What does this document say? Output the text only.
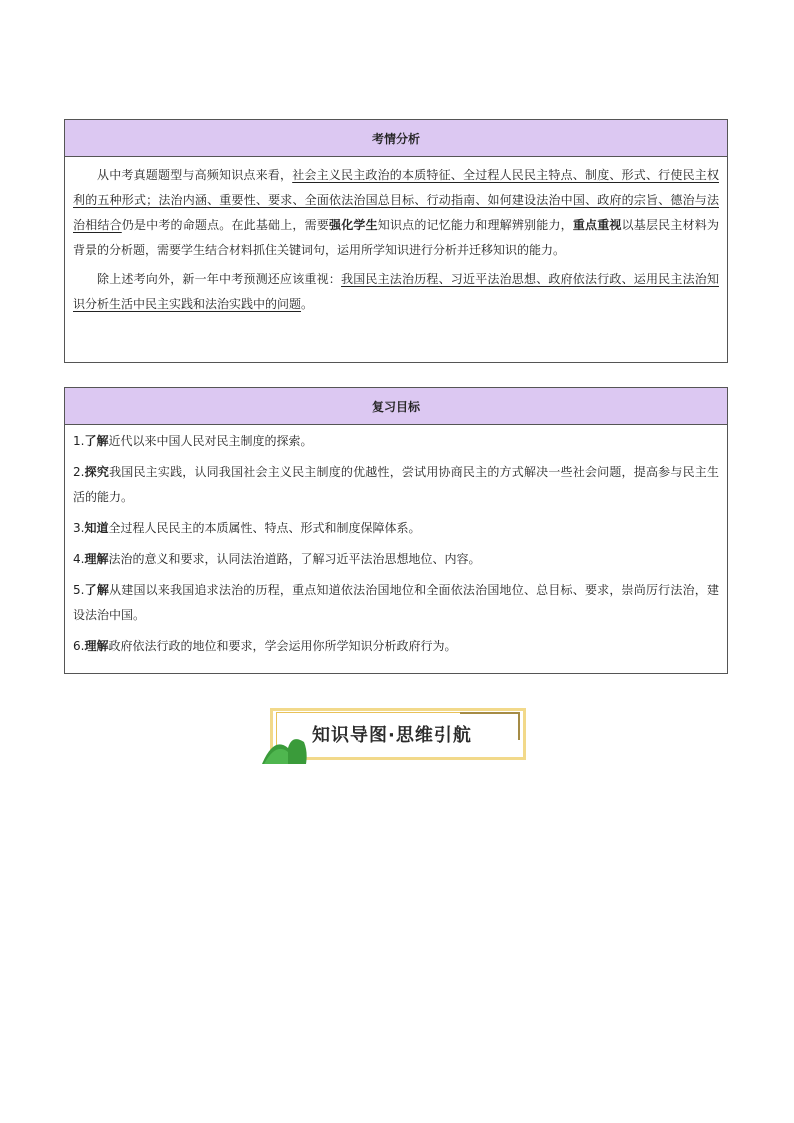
考情分析

从中考真题题型与高频知识点来看，社会主义民主政治的本质特征、全过程人民民主特点、制度、形式、行使民主权利的五种形式；法治内涵、重要性、要求、全面依法治国总目标、行动指南、如何建设法治中国、政府的宗旨、德治与法治相结合仍是中考的命题点。在此基础上，需要强化学生知识点的记忆能力和理解辨别能力，重点重视以基层民主材料为背景的分析题，需要学生结合材料抓住关键词句，运用所学知识进行分析并迁移知识的能力。

除上述考向外，新一年中考预测还应该重视：我国民主法治历程、习近平法治思想、政府依法行政、运用民主法治知识分析生活中民主实践和法治实践中的问题。

复习目标

1.了解近代以来中国人民对民主制度的探索。

2.探究我国民主实践，认同我国社会主义民主制度的优越性，尝试用协商民主的方式解决一些社会问题，提高参与民主生活的能力。

3.知道全过程人民民主的本质属性、特点、形式和制度保障体系。

4.理解法治的意义和要求，认同法治道路，了解习近平法治思想地位、内容。

5.了解从建国以来我国追求法治的历程，重点知道依法治国地位和全面依法治国地位、总目标、要求，崇尚厉行法治，建设法治中国。

6.理解政府依法行政的地位和要求，学会运用你所学知识分析政府行为。

知识导图·思维引航
